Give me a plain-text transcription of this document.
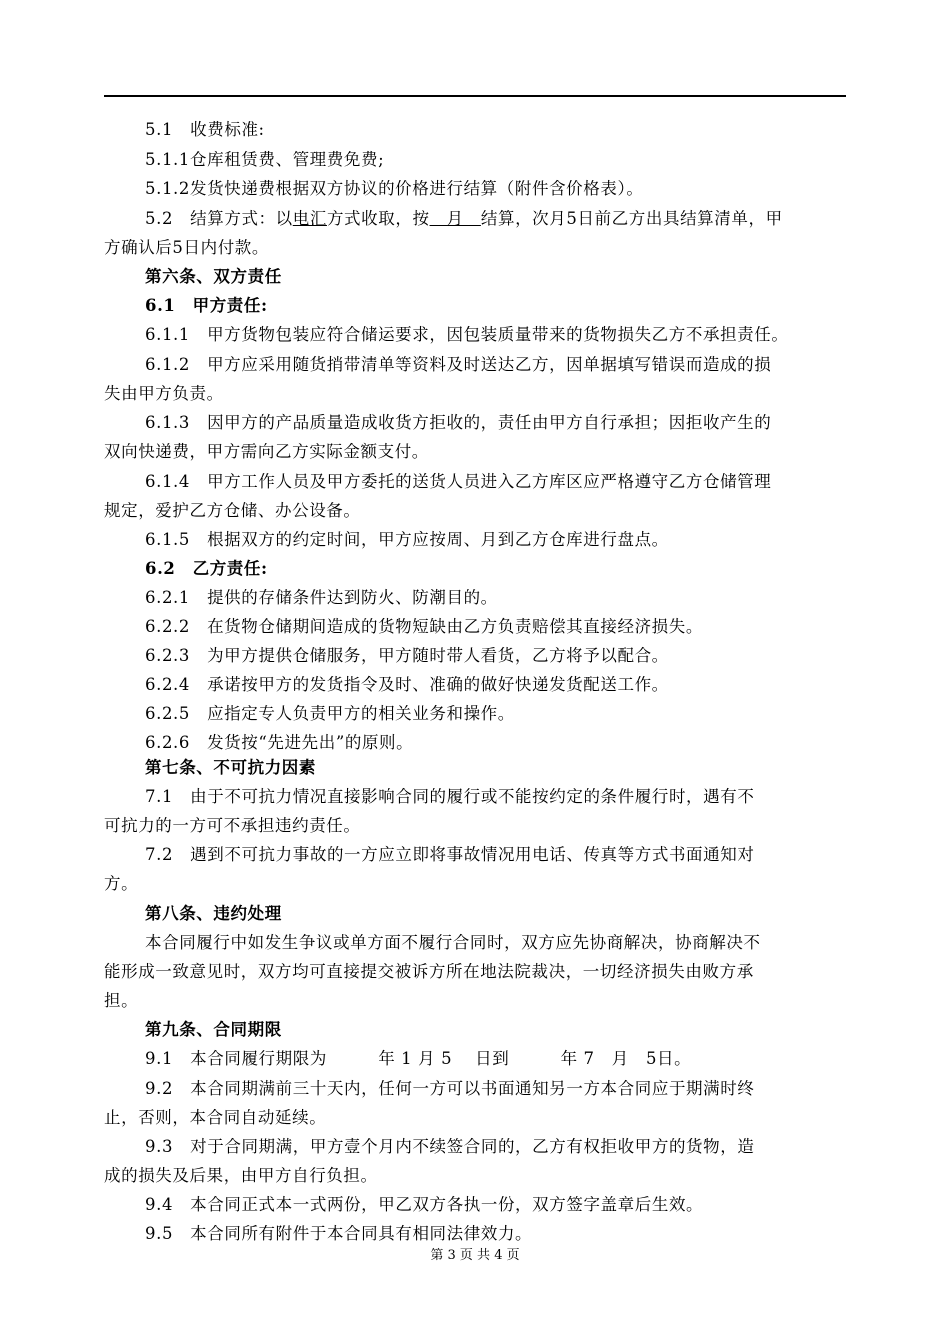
5.1　收费标准:
5.1.1仓库租赁费、管理费免费;
5.1.2发货快递费根据双方协议的价格进行结算（附件含价格表）。
5.2　结算方式：以电汇方式收取，按　月　结算，次月5日前乙方出具结算清单，甲
方确认后5日内付款。
第六条、双方责任
6.1　甲方责任:
6.1.1　甲方货物包装应符合储运要求，因包装质量带来的货物损失乙方不承担责任。
6.1.2　甲方应采用随货捎带清单等资料及时送达乙方，因单据填写错误而造成的损
失由甲方负责。
6.1.3　因甲方的产品质量造成收货方拒收的，责任由甲方自行承担；因拒收产生的
双向快递费，甲方需向乙方实际金额支付。
6.1.4　甲方工作人员及甲方委托的送货人员进入乙方库区应严格遵守乙方仓储管理
规定，爱护乙方仓储、办公设备。
6.1.5　根据双方的约定时间，甲方应按周、月到乙方仓库进行盘点。
6.2　乙方责任:
6.2.1　提供的存储条件达到防火、防潮目的。
6.2.2　在货物仓储期间造成的货物短缺由乙方负责赔偿其直接经济损失。
6.2.3　为甲方提供仓储服务，甲方随时带人看货，乙方将予以配合。
6.2.4　承诺按甲方的发货指令及时、准确的做好快递发货配送工作。
6.2.5　应指定专人负责甲方的相关业务和操作。
6.2.6　发货按“先进先出”的原则。
第七条、不可抗力因素
7.1　由于不可抗力情况直接影响合同的履行或不能按约定的条件履行时，遇有不
可抗力的一方可不承担违约责任。
7.2　遇到不可抗力事故的一方应立即将事故情况用电话、传真等方式书面通知对
方。
第八条、违约处理
本合同履行中如发生争议或单方面不履行合同时，双方应先协商解决，协商解决不
能形成一致意见时，双方均可直接提交被诉方所在地法院裁决，一切经济损失由败方承
担。
第九条、合同期限
9.1　本合同履行期限为　　　年 1 月 5　 日到　　　年 7　月　5日。
9.2　本合同期满前三十天内，任何一方可以书面通知另一方本合同应于期满时终
止，否则，本合同自动延续。
9.3　对于合同期满，甲方壹个月内不续签合同的，乙方有权拒收甲方的货物，造
成的损失及后果，由甲方自行负担。
9.4　本合同正式本一式两份，甲乙双方各执一份，双方签字盖章后生效。
9.5　本合同所有附件于本合同具有相同法律效力。
第 3 页 共 4 页
